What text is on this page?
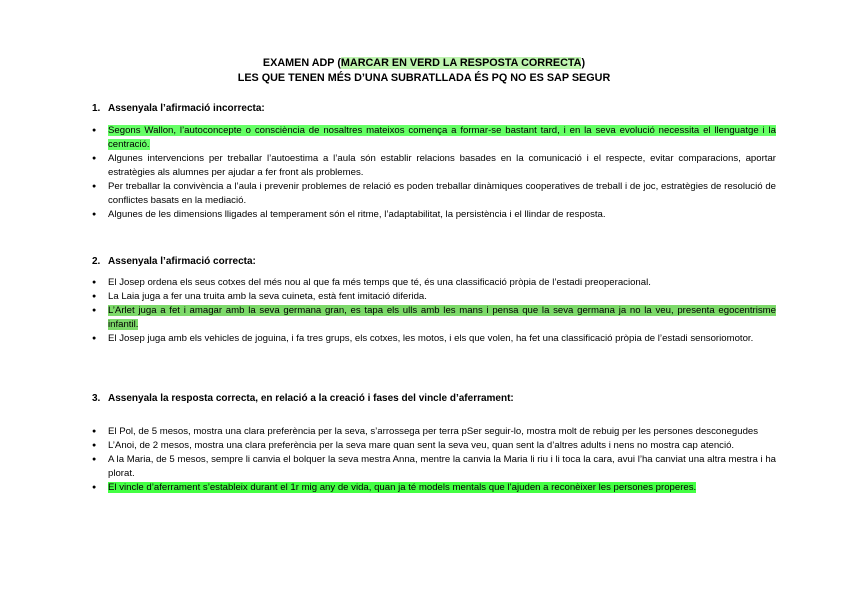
EXAMEN ADP (MARCAR EN VERD LA RESPOSTA CORRECTA)
LES QUE TENEN MÉS D’UNA SUBRATLLADA ÉS PQ NO ES SAP SEGUR
1. Assenyala l’afirmació incorrecta:
● Segons Wallon, l’autoconcepte o consciència de nosaltres mateixos comença a formar-se bastant tard, i en la seva evolució necessita el llenguatge i la centració.
● Algunes intervencions per treballar l’autoestima a l’aula són establir relacions basades en la comunicació i el respecte, evitar comparacions, aportar estratègies als alumnes per ajudar a fer front als problemes.
● Per treballar la convivència a l’aula i prevenir problemes de relació es poden treballar dinàmiques cooperatives de treball i de joc, estratègies de resolució de conflictes basats en la mediació.
● Algunes de les dimensions lligades al temperament són el ritme, l’adaptabilitat, la persistència i el llindar de resposta.
2. Assenyala l’afirmació correcta:
● El Josep ordena els seus cotxes del més nou al que fa més temps que té, és una classificació pròpia de l’estadi preoperacional.
● La Laia juga a fer una truita amb la seva cuineta, està fent imitació diferida.
● L’Arlet juga a fet i amagar amb la seva germana gran, es tapa els ulls amb les mans i pensa que la seva germana ja no la veu, presenta egocentrisme infantil.
● El Josep juga amb els vehicles de joguina, i fa tres grups, els cotxes, les motos, i els que volen, ha fet una classificació pròpia de l’estadi sensoriomotor.
3. Assenyala la resposta correcta, en relació a la creació i fases del vincle d’aferrament:
● El Pol, de 5 mesos, mostra una clara preferència per la seva, s’arrossega per terra pSer seguir-lo, mostra molt de rebuig per les persones desconegudes
● L’Anoi, de 2 mesos, mostra una clara preferència per la seva mare quan sent la seva veu, quan sent la d’altres adults i nens no mostra cap atenció.
● A la Maria, de 5 mesos, sempre li canvia el bolquer la seva mestra Anna, mentre la canvia la Maria li riu i li toca la cara, avui l’ha canviat una altra mestra i ha plorat.
● El vincle d’aferrament s’estableix durant el 1r mig any de vida, quan ja té models mentals que l’ajuden a reconèixer les persones properes.
